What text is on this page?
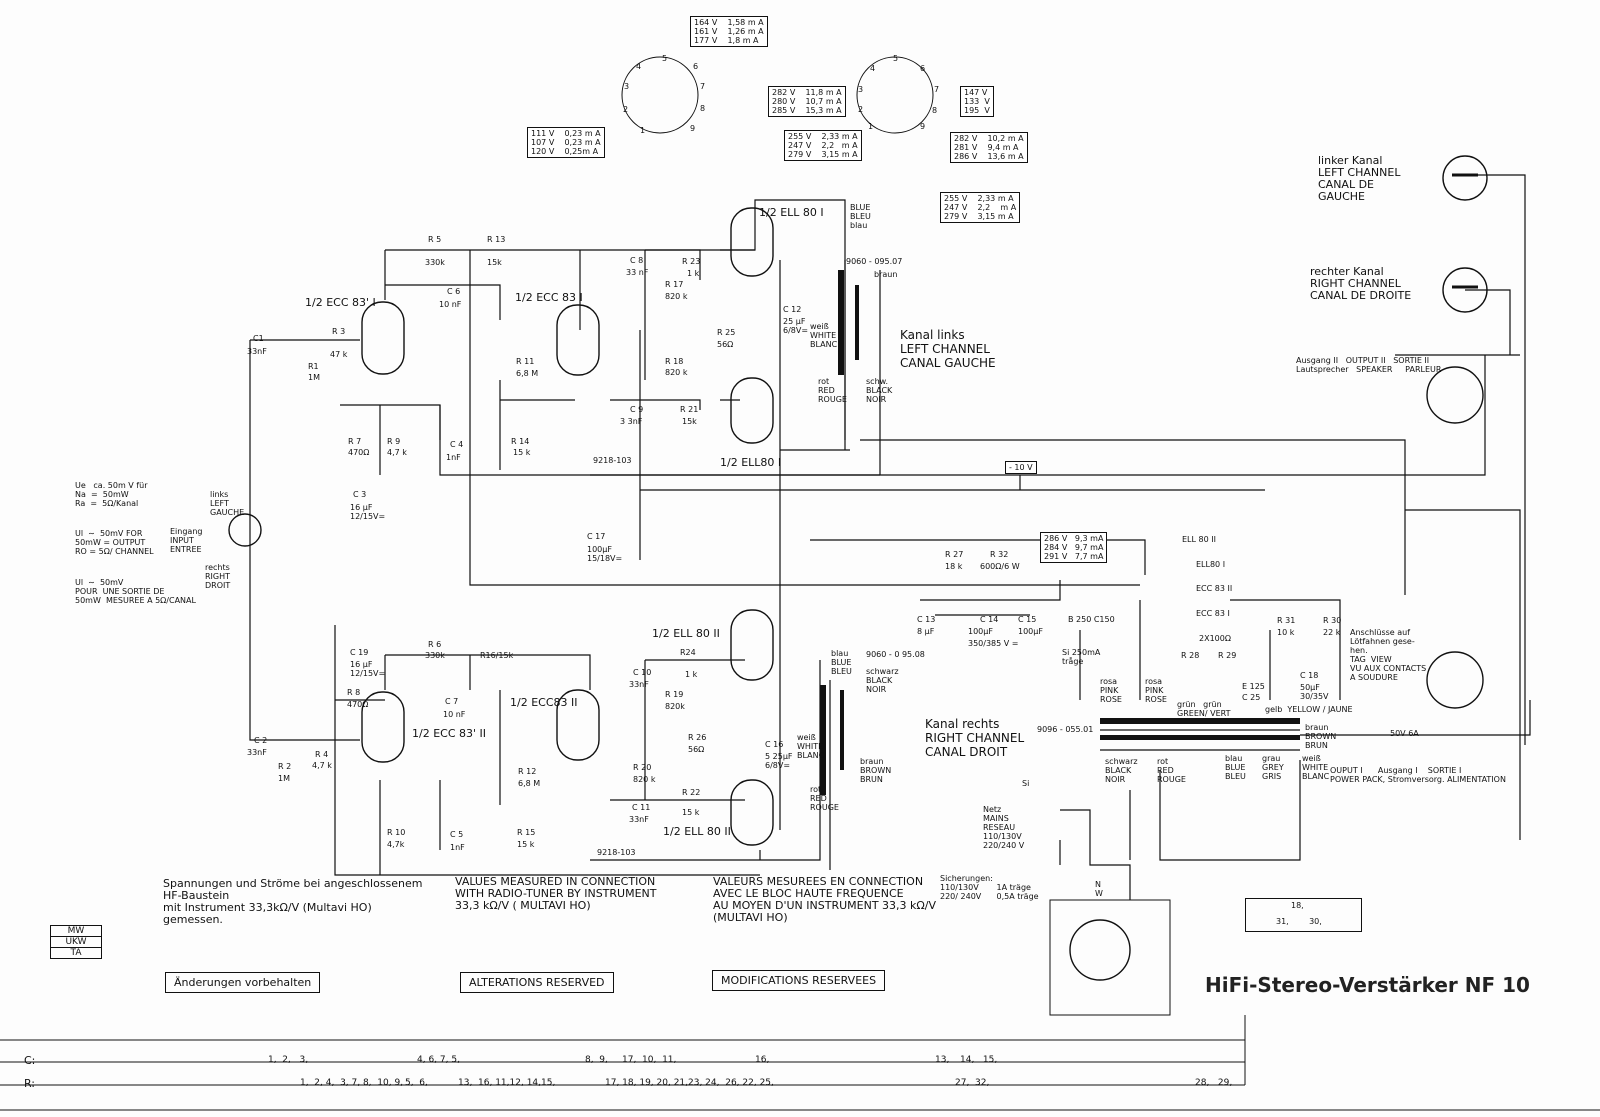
6
7
8
9
1
2
3
4
5
4
5
6
7
8
9
1
2
3
164 V    1,58 m A
161 V    1,26 m A
177 V    1,8 m A
111 V    0,23 m A
107 V    0,23 m A
120 V    0,25m A
282 V    11,8 m A
280 V    10,7 m A
285 V    15,3 m A
255 V    2,33 m A
247 V    2,2   m A
279 V    3,15 m A
147 V
133  V
195  V
282 V    10,2 m A
281 V    9,4 m A
286 V    13,6 m A
255 V    2,33 m A
247 V    2,2    m A
279 V    3,15 m A
286 V   9,3 mA
284 V   9,7 mA
291 V   7,7 mA
1/2 ECC 83' I	1/2 ECC 83 I
1/2 ELL 80 I
1/2 ELL80 I
1/2 ECC 83' II
1/2 ECC83 II
1/2 ELL 80 II
1/2 ELL 80 II
C1
33nF
R1
1M
R 3
47 k
R 5
330k
R 13
15k
C 6
10 nF
R 7
470Ω
R 9
4,7 k
C 4
1nF
C 3
16 µF
12/15V=
R 11
6,8 M
R 14
15 k
C 8
33 nF
R 17
820 k
R 18
820 k
C 9
3 3nF
R 21
15k
R 23
1 k
R 25
56Ω
C 12
25 µF
6/8V=
9218-103
C 17
100µF
15/18V=
C 2
33nF
R 2
1M
R 4
4,7 k
R 6
330k	R16/15k
C 7
10 nF
C 19
16 µF
12/15V=
R 8
470Ω
R 10
4,7k
C 5
1nF
R 12
6,8 M
R 15
15 k
C 10
33nF
R 19
820k
R 20
820 k
C 11
33nF
R 22
15 k
R24
1 k
R 26
56Ω
C 16
5 25µF
6/8V=
9218-103
R 27
18 k
R 32
600Ω/6 W
C 13
8 µF
C 14
100µF
C 15
100µF
350/385 V =
B 250 C150
Si 250mA
tråge
R 28 R 29
2X100Ω
R 31
10 k
R 30
22 k
E 125
C 25
C 18
50µF
30/35V
50V 6A
Si
9060 - 095.07
braun
BLUE
BLEU
blau
weiß
WHITE
BLANC
rot
RED
ROUGE
schw.
BLACK
NOIR
9060 - 0 95.08
blau
BLUE
BLEU schwarz
BLACK
NOIR
weiß
WHITE
BLANC
rot
RED
ROUGE
braun
BROWN
BRUN
9096 - 055.01
Kanal links
LEFT CHANNEL
CANAL GAUCHE
Kanal rechts
RIGHT CHANNEL
CANAL DROIT
linker Kanal
LEFT CHANNEL
CANAL DE
GAUCHE
rechter Kanal
RIGHT CHANNEL
CANAL DE DROITE
Ausgang II   OUTPUT II   SORTIE II
Lautsprecher   SPEAKER     PARLEUR
links
LEFT
GAUCHE
Eingang
INPUT
ENTREE
rechts
RIGHT
DROIT
Ue   ca. 50m V für
Na  =  50mW
Ra  =  5Ω/Kanal
Ul  ∼  50mV FOR
50mW = OUTPUT
RO = 5Ω/ CHANNEL
Ul  ∼  50mV
POUR  UNE SORTIE DE
50mW  MESUREE A 5Ω/CANAL
- 10 V
ELL 80 II
ELL80 I
ECC 83 II
ECC 83 I
Anschlüsse auf
Lötfahnen gese-
hen.
TAG  VIEW
VU AUX CONTACTS
A SOUDURE
rosa
PINK
ROSE
rosa
PINK
ROSE
grün   grün
GREEN/ VERT	gelb  YELLOW / JAUNE
braun
BROWN
BRUN
schwarz
BLACK
NOIR
rot
RED
ROUGE
blau
BLUE
BLEU
grau
GREY
GRIS
weiß
WHITE
BLANC
OUPUT I      Ausgang I    SORTIE I
POWER PACK, Stromversorg. ALIMENTATION
Netz
MAINS
RESEAU
110/130V
220/240 V
Sicherungen:
110/130V       1A träge
220/ 240V      0,5A träge
N
W
Spannungen und Ströme bei angeschlossenem
HF-Baustein
mit Instrument 33,3kΩ/V (Multavi HO)
gemessen.
VALUES MEASURED IN CONNECTION
WITH RADIO-TUNER BY INSTRUMENT
33,3 kΩ/V ( MULTAVI HO)
VALEURS MESUREES EN CONNECTION
AVEC LE BLOC HAUTE FREQUENCE
AU MOYEN D'UN INSTRUMENT 33,3 kΩ/V
(MULTAVI HO)
MW
UKW
TA
Änderungen vorbehalten	ALTERATIONS RESERVED	MODIFICATIONS RESERVEES
18,
31,        30,
HiFi-Stereo-Verstärker NF 10
C:
R:
1,  2,   3,	4, 6, 7, 5,	8,  9, 17,  10,  11,	16,	13, 14,   15,
1,  2, 4,  3, 7, 8,  10, 9, 5,  6,	13,  16, 11,12, 14,15,	17, 18, 19, 20, 21,23, 24,  26, 22, 25,	27,  32,	28,   29,
